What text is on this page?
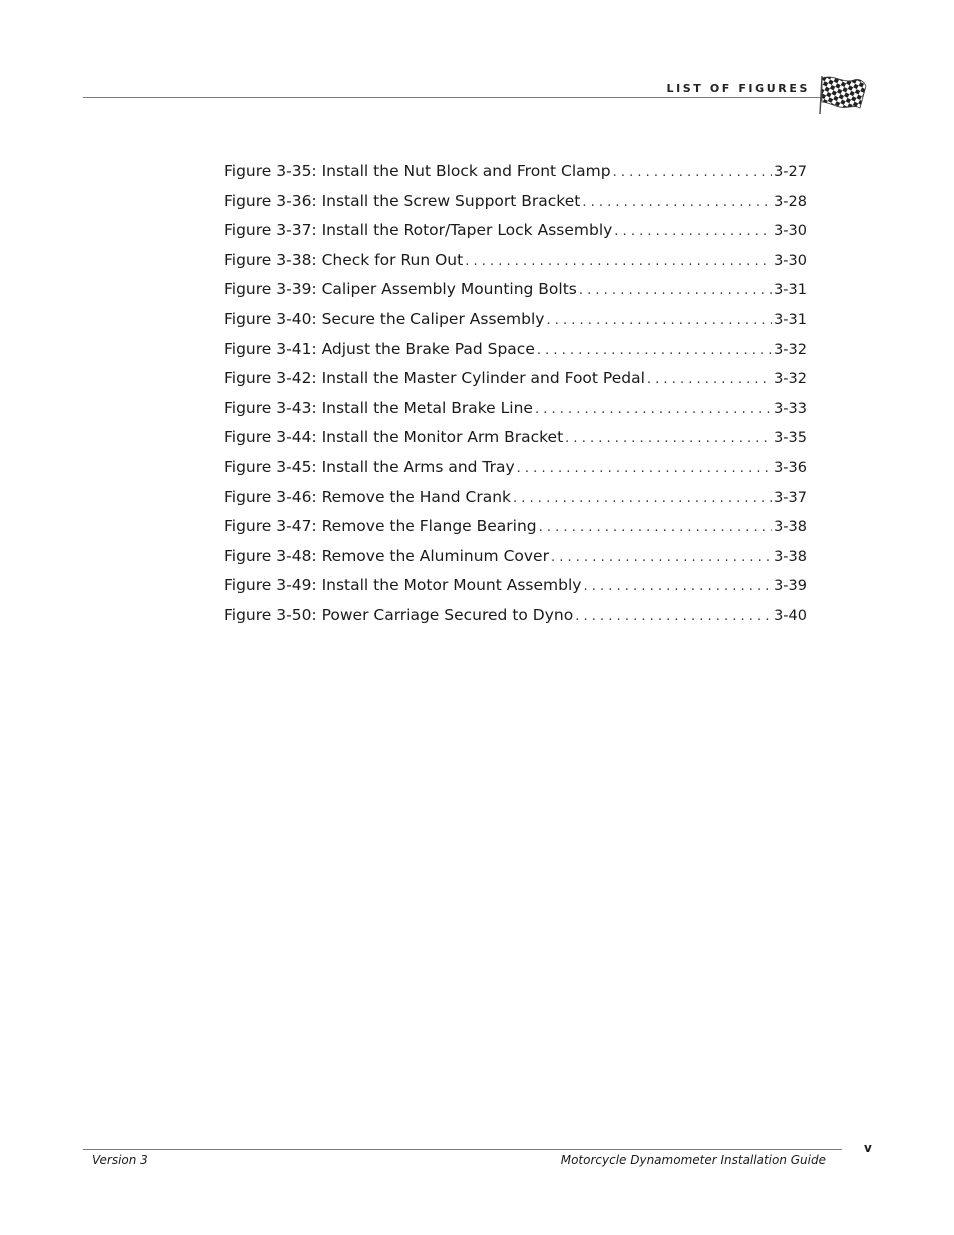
LIST OF FIGURES
Figure 3-35: Install the Nut Block and Front Clamp . . .	3-27
Figure 3-36: Install the Screw Support Bracket . . .	3-28
Figure 3-37: Install the Rotor/Taper Lock Assembly . . .	3-30
Figure 3-38: Check for Run Out . . .	3-30
Figure 3-39: Caliper Assembly Mounting Bolts . . .	3-31
Figure 3-40: Secure the Caliper Assembly . . .	3-31
Figure 3-41: Adjust the Brake Pad Space . . .	3-32
Figure 3-42: Install the Master Cylinder and Foot Pedal . . .	3-32
Figure 3-43: Install the Metal Brake Line . . .	3-33
Figure 3-44: Install the Monitor Arm Bracket . . .	3-35
Figure 3-45: Install the Arms and Tray . . .	3-36
Figure 3-46: Remove the Hand Crank . . .	3-37
Figure 3-47: Remove the Flange Bearing . . .	3-38
Figure 3-48: Remove the Aluminum Cover . . .	3-38
Figure 3-49: Install the Motor Mount Assembly . . .	3-39
Figure 3-50: Power Carriage Secured to Dyno . . .	3-40
v
Version 3	Motorcycle Dynamometer Installation Guide
